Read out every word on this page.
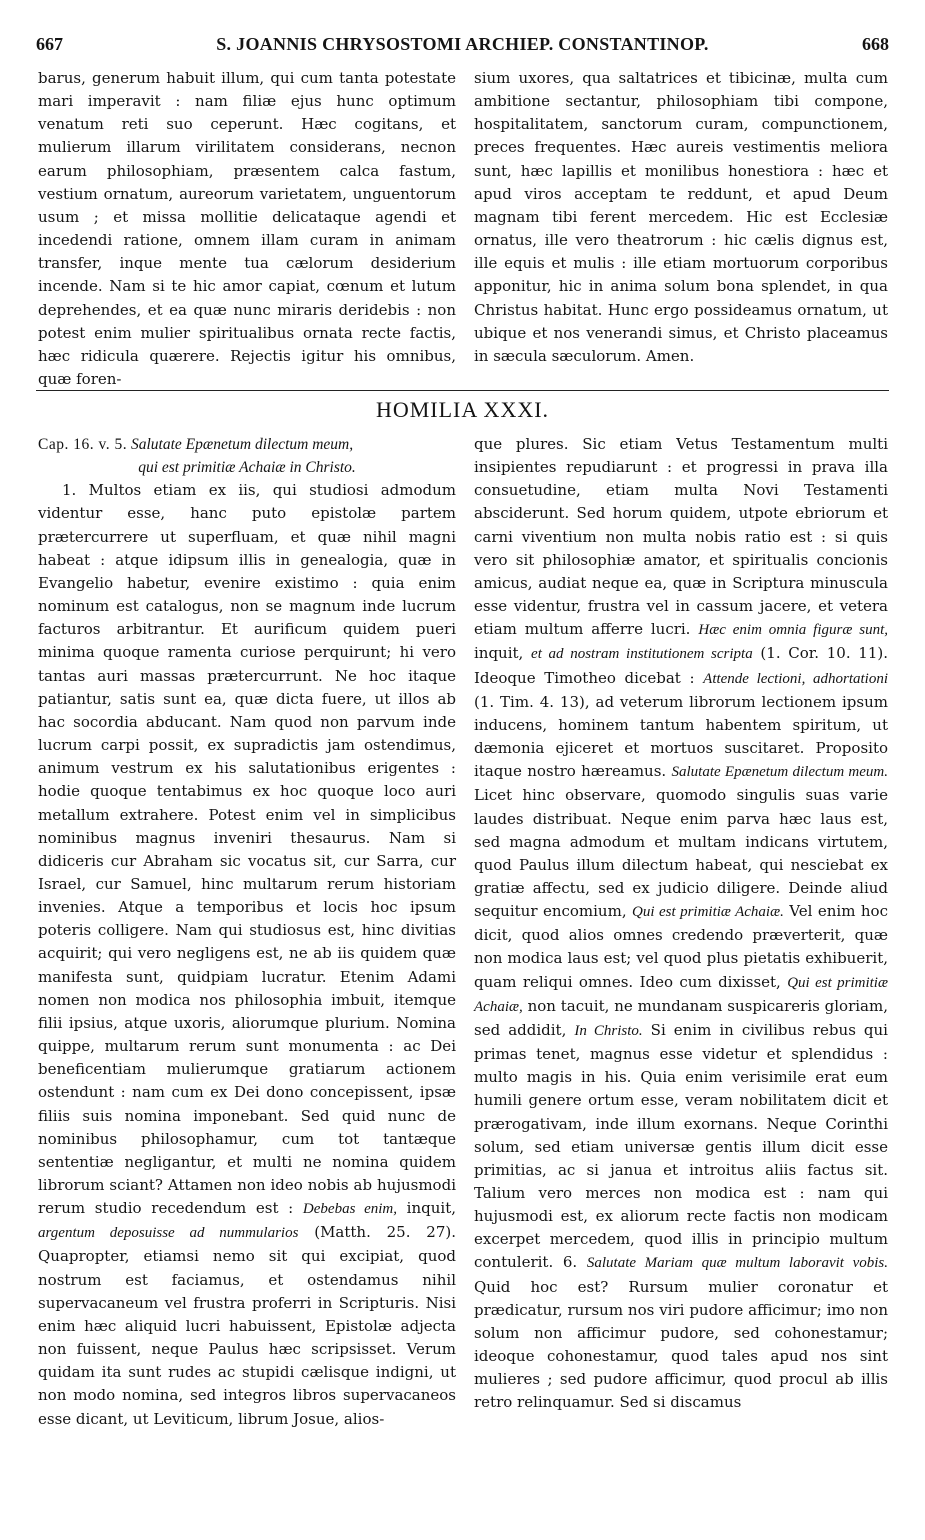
667	S. JOANNIS CHRYSOSTOMI ARCHIEP. CONSTANTINOP.	668

barus, generum habuit illum, qui cum tanta potestate mari imperavit : nam filiæ ejus hunc optimum venatum reti suo ceperunt. Hæc cogitans, et mulierum illarum virilitatem considerans, necnon earum philosophiam, præsentem calca fastum, vestium ornatum, aureorum varietatem, unguentorum usum ; et missa mollitie delicataque agendi et incedendi ratione, omnem illam curam in animam transfer, inque mente tua cælorum desiderium incende. Nam si te hic amor capiat, cœnum et lutum deprehendes, et ea quæ nunc miraris deridebis : non potest enim mulier spiritualibus ornata recte factis, hæc ridicula quærere. Rejectis igitur his omnibus, quæ foren-

sium uxores, qua saltatrices et tibicinæ, multa cum ambitione sectantur, philosophiam tibi compone, hospitalitatem, sanctorum curam, compunctionem, preces frequentes. Hæc aureis vestimentis meliora sunt, hæc lapillis et monilibus honestiora : hæc et apud viros acceptam te reddunt, et apud Deum magnam tibi ferent mercedem. Hic est Ecclesiæ ornatus, ille vero theatrorum : hic cælis dignus est, ille equis et mulis : ille etiam mortuorum corporibus apponitur, hic in anima solum bona splendet, in qua Christus habitat. Hunc ergo possideamus ornatum, ut ubique et nos venerandi simus, et Christo placeamus in sæcula sæculorum. Amen.

HOMILIA XXXI.

Cap. 16. v. 5. Salutate Epænetum dilectum meum,
qui est primitiæ Achaiæ in Christo.

1. Multos etiam ex iis, qui studiosi admodum videntur esse, hanc puto epistolæ partem prætercurrere ut superfluam, et quæ nihil magni habeat : atque idipsum illis in genealogia, quæ in Evangelio habetur, evenire existimo : quia enim nominum est catalogus, non se magnum inde lucrum facturos arbitrantur. Et aurificum quidem pueri minima quoque ramenta curiose perquirunt; hi vero tantas auri massas prætercurrunt. Ne hoc itaque patiantur, satis sunt ea, quæ dicta fuere, ut illos ab hac socordia abducant. Nam quod non parvum inde lucrum carpi possit, ex supradictis jam ostendimus, animum vestrum ex his salutationibus erigentes : hodie quoque tentabimus ex hoc quoque loco auri metallum extrahere. Potest enim vel in simplicibus nominibus magnus inveniri thesaurus. Nam si didiceris cur Abraham sic vocatus sit, cur Sarra, cur Israel, cur Samuel, hinc multarum rerum historiam invenies. Atque a temporibus et locis hoc ipsum poteris colligere. Nam qui studiosus est, hinc divitias acquirit; qui vero negligens est, ne ab iis quidem quæ manifesta sunt, quidpiam lucratur. Etenim Adami nomen non modica nos philosophia imbuit, itemque filii ipsius, atque uxoris, aliorumque plurium. Nomina quippe, multarum rerum sunt monumenta : ac Dei beneficentiam mulierumque gratiarum actionem ostendunt : nam cum ex Dei dono concepissent, ipsæ filiis suis nomina imponebant. Sed quid nunc de nominibus philosophamur, cum tot tantæque sententiæ negligantur, et multi ne nomina quidem librorum sciant? Attamen non ideo nobis ab hujusmodi rerum studio recedendum est : Debebas enim, inquit, argentum deposuisse ad nummularios (Matth. 25. 27). Quapropter, etiamsi nemo sit qui excipiat, quod nostrum est faciamus, et ostendamus nihil supervacaneum vel frustra proferri in Scripturis. Nisi enim hæc aliquid lucri habuissent, Epistolæ adjecta non fuissent, neque Paulus hæc scripsisset. Verum quidam ita sunt rudes ac stupidi cælisque indigni, ut non modo nomina, sed integros libros supervacaneos esse dicant, ut Leviticum, librum Josue, alios-

que plures. Sic etiam Vetus Testamentum multi insipientes repudiarunt : et progressi in prava illa consuetudine, etiam multa Novi Testamenti absciderunt. Sed horum quidem, utpote ebriorum et carni viventium non multa nobis ratio est : si quis vero sit philosophiæ amator, et spiritualis concionis amicus, audiat neque ea, quæ in Scriptura minuscula esse videntur, frustra vel in cassum jacere, et vetera etiam multum afferre lucri. Hæc enim omnia figuræ sunt, inquit, et ad nostram institutionem scripta (1. Cor. 10. 11). Ideoque Timotheo dicebat : Attende lectioni, adhortationi (1. Tim. 4. 13), ad veterum librorum lectionem ipsum inducens, hominem tantum habentem spiritum, ut dæmonia ejiceret et mortuos suscitaret. Proposito itaque nostro hæreamus. Salutate Epænetum dilectum meum. Licet hinc observare, quomodo singulis suas varie laudes distribuat. Neque enim parva hæc laus est, sed magna admodum et multam indicans virtutem, quod Paulus illum dilectum habeat, qui nesciebat ex gratiæ affectu, sed ex judicio diligere. Deinde aliud sequitur encomium, Qui est primitiæ Achaiæ. Vel enim hoc dicit, quod alios omnes credendo præverterit, quæ non modica laus est; vel quod plus pietatis exhibuerit, quam reliqui omnes. Ideo cum dixisset, Qui est primitiæ Achaiæ, non tacuit, ne mundanam suspicareris gloriam, sed addidit, In Christo. Si enim in civilibus rebus qui primas tenet, magnus esse videtur et splendidus : multo magis in his. Quia enim verisimile erat eum humili genere ortum esse, veram nobilitatem dicit et prærogativam, inde illum exornans. Neque Corinthi solum, sed etiam universæ gentis illum dicit esse primitias, ac si janua et introitus aliis factus sit. Talium vero merces non modica est : nam qui hujusmodi est, ex aliorum recte factis non modicam excerpet mercedem, quod illis in principio multum contulerit. 6. Salutate Mariam quæ multum laboravit vobis. Quid hoc est? Rursum mulier coronatur et prædicatur, rursum nos viri pudore afficimur; imo non solum non afficimur pudore, sed cohonestamur; ideoque cohonestamur, quod tales apud nos sint mulieres ; sed pudore afficimur, quod procul ab illis retro relinquamur. Sed si discamus
